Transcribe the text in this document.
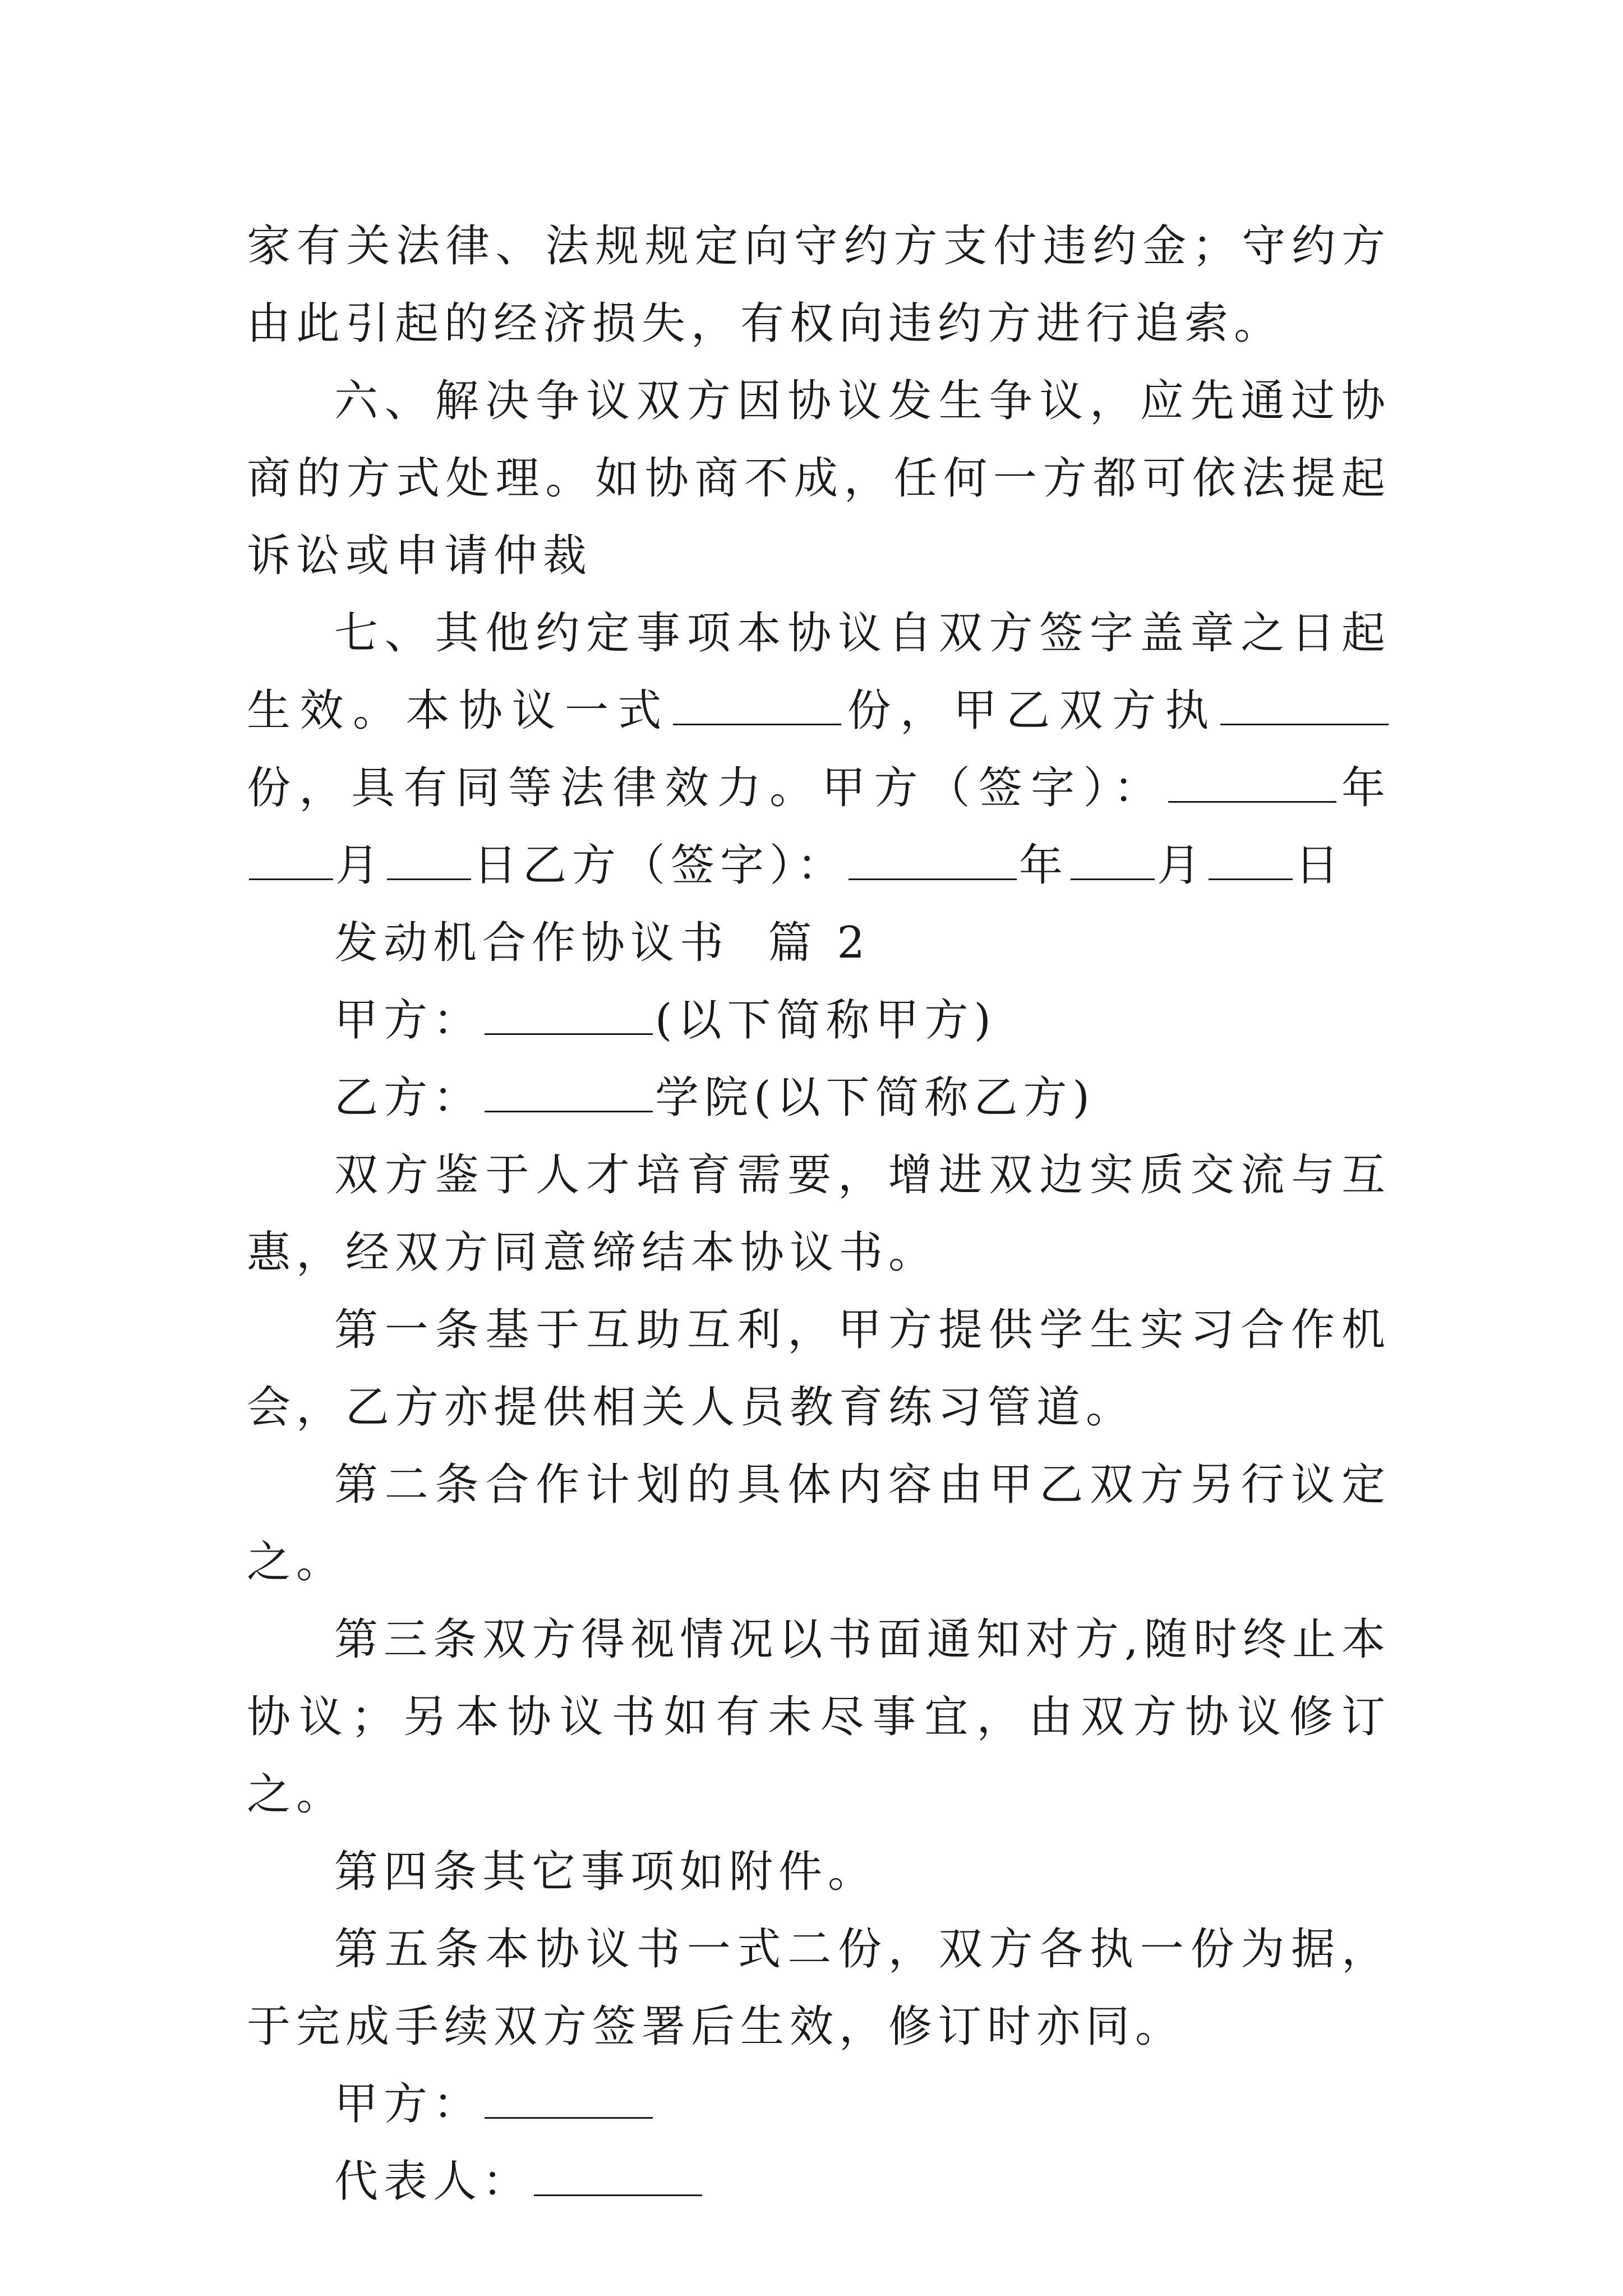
家有关法律、法规规定向守约方支付违约金；守约方由此引起的经济损失，有权向违约方进行追索。

六、解决争议双方因协议发生争议，应先通过协商的方式处理。如协商不成，任何一方都可依法提起诉讼或申请仲裁

七、其他约定事项本协议自双方签字盖章之日起生效。本协议一式	份，甲乙双方执份，具有同等法律效力。甲方（签字）：	年月 日乙方（签字）：	年 月 日

发动机合作协议书  篇 2

甲方：	(以下简称甲方)

乙方：	学院(以下简称乙方)

双方鉴于人才培育需要，增进双边实质交流与互惠，经双方同意缔结本协议书。

第一条基于互助互利，甲方提供学生实习合作机会，乙方亦提供相关人员教育练习管道。

第二条合作计划的具体内容由甲乙双方另行议定之。

第三条双方得视情况以书面通知对方,随时终止本协议；另本协议书如有未尽事宜，由双方协议修订之。

第四条其它事项如附件。

第五条本协议书一式二份，双方各执一份为据，于完成手续双方签署后生效，修订时亦同。

甲方：

代表人：
